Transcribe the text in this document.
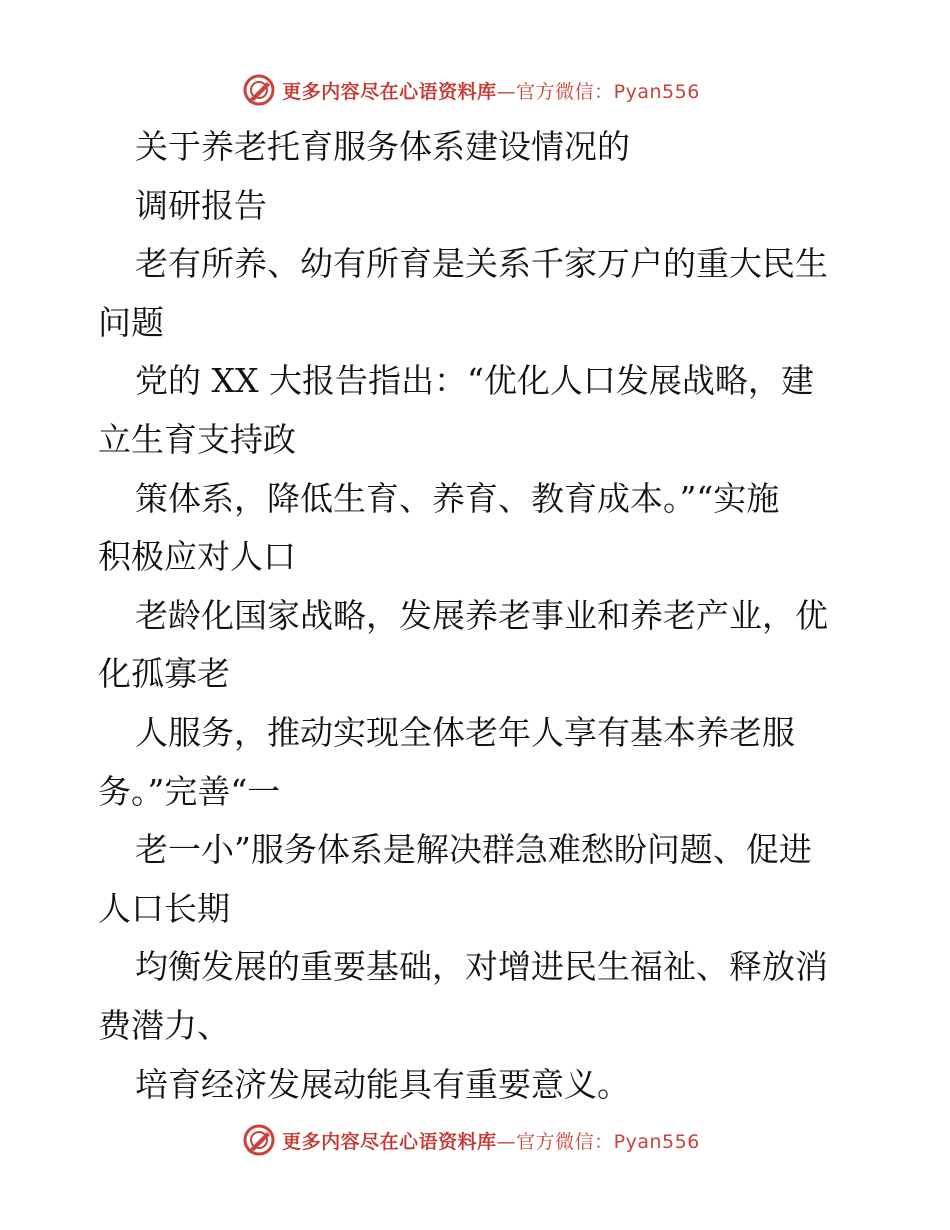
更多内容尽在心语资料库—官方微信：Pyan556
关于养老托育服务体系建设情况的
调研报告
老有所养、幼有所育是关系千家万户的重大民生
问题
党的 XX 大报告指出：“优化人口发展战略，建
立生育支持政
策体系，降低生育、养育、教育成本。”“实施
积极应对人口
老龄化国家战略，发展养老事业和养老产业，优
化孤寡老
人服务，推动实现全体老年人享有基本养老服
务。”完善“一
老一小”服务体系是解决群急难愁盼问题、促进
人口长期
均衡发展的重要基础，对增进民生福祉、释放消
费潜力、
培育经济发展动能具有重要意义。
更多内容尽在心语资料库—官方微信：Pyan556
